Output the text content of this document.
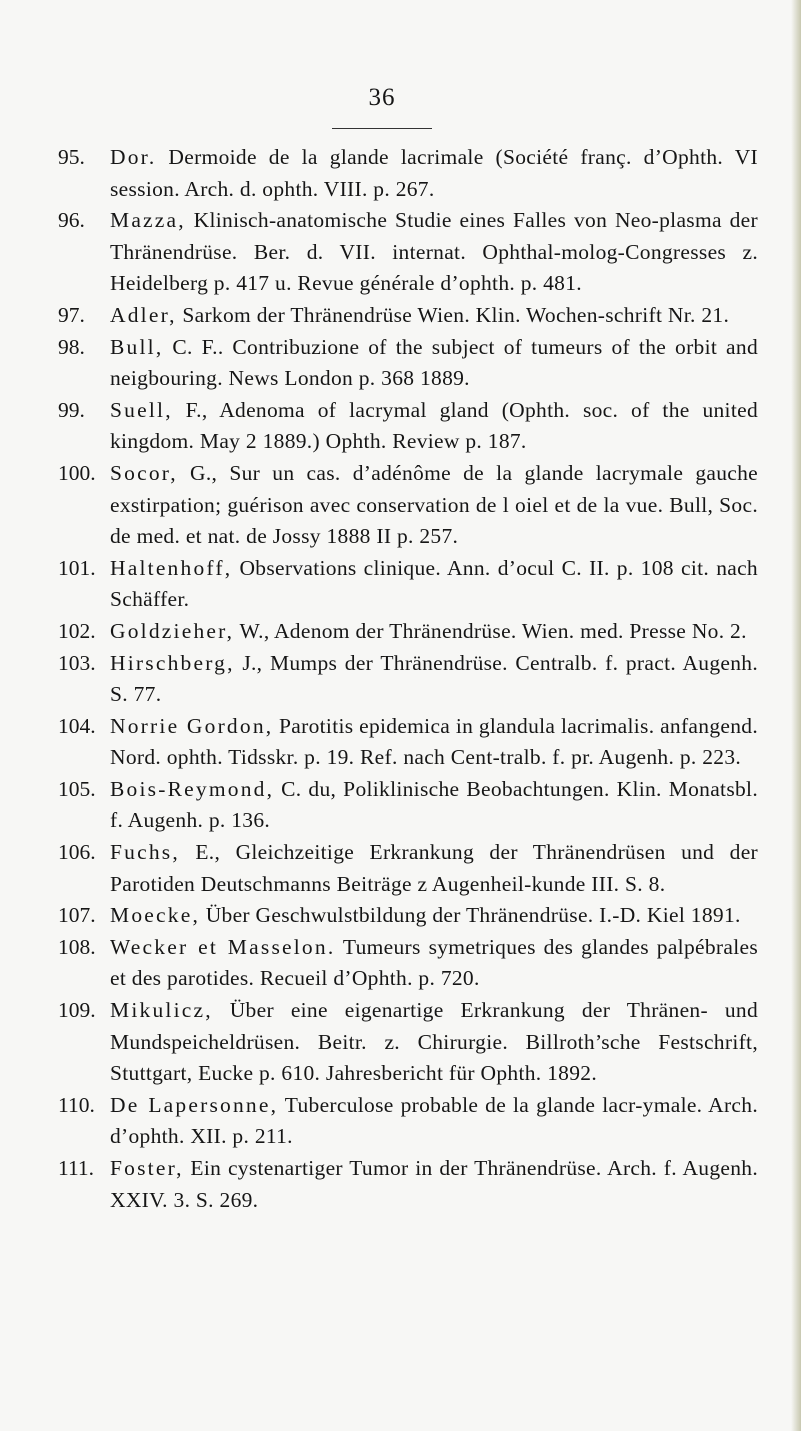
36
95.	Dor. Dermoide de la glande lacrimale (Société franç. d’Ophth. VI session. Arch. d. ophth. VIII. p. 267.
96.	Mazza, Klinisch-anatomische Studie eines Falles von Neo-plasma der Thränendrüse. Ber. d. VII. internat. Ophthal-molog-Congresses z. Heidelberg p. 417 u. Revue générale d’ophth. p. 481.
97.	Adler, Sarkom der Thränendrüse Wien. Klin. Wochen-schrift Nr. 21.
98.	Bull, C. F.. Contribuzione of the subject of tumeurs of the orbit and neigbouring. News London p. 368 1889.
99.	Suell, F., Adenoma of lacrymal gland (Ophth. soc. of the united kingdom. May 2 1889.) Ophth. Review p. 187.
100. Socor, G., Sur un cas. d’adénôme de la glande lacrymale gauche exstirpation; guérison avec conservation de l oiel et de la vue. Bull, Soc. de med. et nat. de Jossy 1888 II p. 257.
101. Haltenhoff, Observations clinique. Ann. d’ocul C. II. p. 108 cit. nach Schäffer.
102. Goldzieher, W., Adenom der Thränendrüse. Wien. med. Presse No. 2.
103. Hirschberg, J., Mumps der Thränendrüse. Centralb. f. pract. Augenh. S. 77.
104. Norrie Gordon, Parotitis epidemica in glandula lacrimalis. anfangend. Nord. ophth. Tidsskr. p. 19. Ref. nach Cent-tralb. f. pr. Augenh. p. 223.
105. Bois-Reymond, C. du, Poliklinische Beobachtungen. Klin. Monatsbl. f. Augenh. p. 136.
106. Fuchs, E., Gleichzeitige Erkrankung der Thränendrüsen und der Parotiden Deutschmanns Beiträge z Augenheil-kunde III. S. 8.
107. Moecke, Über Geschwulstbildung der Thränendrüse. I.-D. Kiel 1891.
108. Wecker et Masselon. Tumeurs symetriques des glandes palpébrales et des parotides. Recueil d’Ophth. p. 720.
109. Mikulicz, Über eine eigenartige Erkrankung der Thränen- und Mundspeicheldrüsen. Beitr. z. Chirurgie. Billroth’sche Festschrift, Stuttgart, Eucke p. 610. Jahresbericht für Ophth. 1892.
110. De Lapersonne, Tuberculose probable de la glande lacr-ymale. Arch. d’ophth. XII. p. 211.
111. Foster, Ein cystenartiger Tumor in der Thränendrüse. Arch. f. Augenh. XXIV. 3. S. 269.
